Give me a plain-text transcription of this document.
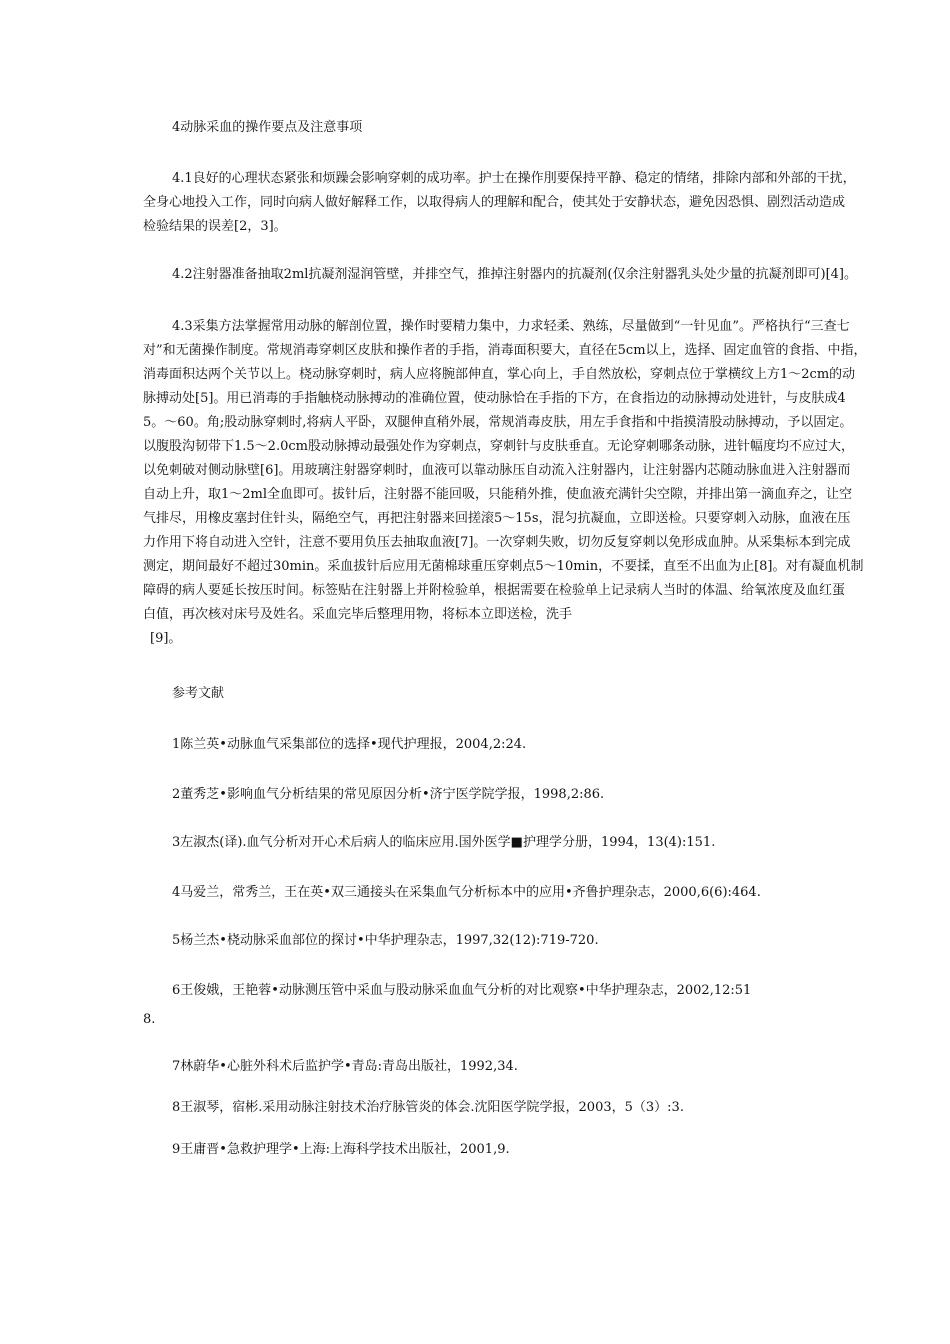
4动脉采血的操作要点及注意事项
4.1良好的心理状态紧张和烦躁会影响穿刺的成功率。护士在操作刖要保持平静、稳定的情绪，排除内部和外部的干扰，
全身心地投入工作，同时向病人做好解释工作，以取得病人的理解和配合，使其处于安静状态，避免因恐惧、剧烈活动造成
检验结果的误差[2，3]。
4.2注射器准备抽取2ml抗凝剂湿润管壁，并排空气，推掉注射器内的抗凝剂(仅余注射器乳头处少量的抗凝剂即可)[4]。
4.3采集方法掌握常用动脉的解剖位置，操作时要精力集中，力求轻柔、熟练，尽量做到“一针见血”。严格执行“三查七
对”和无菌操作制度。常规消毒穿刺区皮肤和操作者的手指，消毒面积要大，直径在5cm以上，选择、固定血管的食指、中指，
消毒面积达两个关节以上。桡动脉穿刺时，病人应将腕部伸直，掌心向上，手自然放松，穿刺点位于掌横纹上方1～2cm的动
脉搏动处[5]。用已消毒的手指触桡动脉搏动的准确位置，使动脉恰在手指的下方，在食指边的动脉搏动处进针，与皮肤成4
5。～60。角;股动脉穿刺时,将病人平卧，双腿伸直稍外展，常规消毒皮肤，用左手食指和中指摸清股动脉搏动，予以固定。
以腹股沟韧带下1.5～2.0cm股动脉搏动最强处作为穿刺点，穿刺针与皮肤垂直。无论穿刺哪条动脉，进针幅度均不应过大，
以免刺破对侧动脉壁[6]。用玻璃注射器穿刺时，血液可以靠动脉压自动流入注射器内，让注射器内芯随动脉血进入注射器而
自动上升，取1～2ml全血即可。拔针后，注射器不能回吸，只能稍外推，使血液充满针尖空隙，并排出第一滴血弃之，让空
气排尽，用橡皮塞封住针头，隔绝空气，再把注射器来回搓滚5～15s，混匀抗凝血，立即送检。只要穿刺入动脉，血液在压
力作用下将自动进入空针，注意不要用负压去抽取血液[7]。一次穿刺失败，切勿反复穿刺以免形成血肿。从采集标本到完成
测定，期间最好不超过30min。采血拔针后应用无菌棉球重压穿刺点5～10min，不要揉，直至不出血为止[8]。对有凝血机制
障碍的病人要延长按压时间。标签贴在注射器上并附检验单，根据需要在检验单上记录病人当时的体温、给氧浓度及血红蛋
白值，再次核对床号及姓名。采血完毕后整理用物，将标本立即送检，洗手
[9]。
参考文献
1陈兰英•动脉血气采集部位的选择•现代护理报，2004,2:24.
2董秀芝•影响血气分析结果的常见原因分析•济宁医学院学报，1998,2:86.
3左淑杰(译).血气分析对开心术后病人的临床应用.国外医学■护理学分册，1994，13(4):151.
4马爱兰，常秀兰，王在英•双三通接头在采集血气分析标本中的应用•齐鲁护理杂志，2000,6(6):464.
5杨兰杰•桡动脉采血部位的探讨•中华护理杂志，1997,32(12):719-720.
6王俊娥，王艳蓉•动脉测压管中采血与股动脉采血血气分析的对比观察•中华护理杂志，2002,12:51
8.
7林蔚华•心脏外科术后监护学•青岛:青岛出版社，1992,34.
8王淑琴，宿彬.采用动脉注射技术治疗脉管炎的体会.沈阳医学院学报，2003，5（3）:3.
9王庸晋•急救护理学•上海:上海科学技术出版社，2001,9.
